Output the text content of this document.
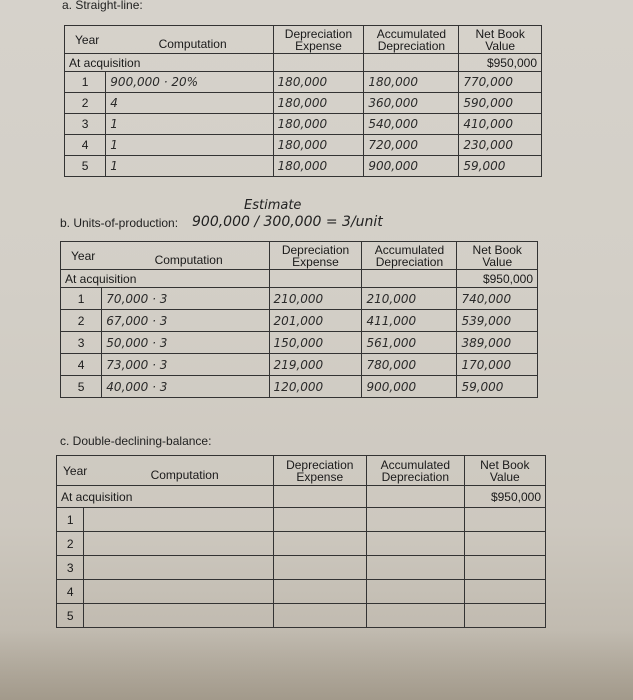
a. Straight-line:
Year Computation		Depreciation Expense	Accumulated Depreciation	Net Book Value
At acquisition				$950,000
1	900,000 · 20%	180,000	180,000	770,000
2	4	180,000	360,000	590,000
3	1	180,000	540,000	410,000
4	1	180,000	720,000	230,000
5	1	180,000	900,000	59,000
Estimate
b. Units-of-production: 900,000 / 300,000 = 3/unit
Year Computation		Depreciation Expense	Accumulated Depreciation	Net Book Value
At acquisition				$950,000
1	70,000 · 3	210,000	210,000	740,000
2	67,000 · 3	201,000	411,000	539,000
3	50,000 · 3	150,000	561,000	389,000
4	73,000 · 3	219,000	780,000	170,000
5	40,000 · 3	120,000	900,000	59,000
c. Double-declining-balance:
Year Computation		Depreciation Expense	Accumulated Depreciation	Net Book Value
At acquisition				$950,000
1				
2				
3				
4				
5				
